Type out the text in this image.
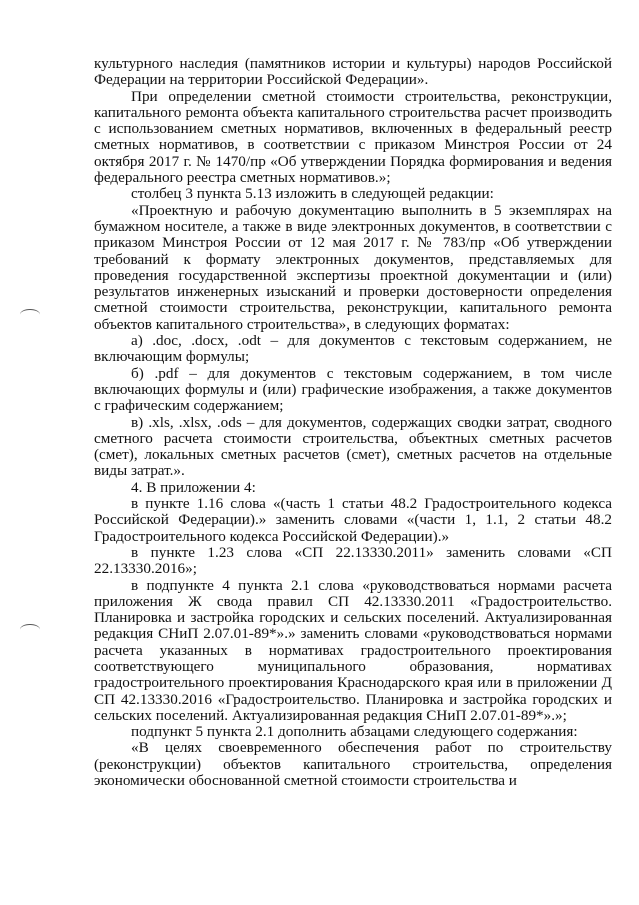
культурного наследия (памятников истории и культуры) народов Российской Федерации на территории Российской Федерации».

При определении сметной стоимости строительства, реконструкции, капитального ремонта объекта капитального строительства расчет производить с использованием сметных нормативов, включенных в федеральный реестр сметных нормативов, в соответствии с приказом Минстроя России от 24 октября 2017 г. № 1470/пр «Об утверждении Порядка формирования и ведения федерального реестра сметных нормативов.»;

столбец 3 пункта 5.13 изложить в следующей редакции:

«Проектную и рабочую документацию выполнить в 5 экземплярах на бумажном носителе, а также в виде электронных документов, в соответствии с приказом Минстроя России от 12 мая 2017 г. № 783/пр «Об утверждении требований к формату электронных документов, представляемых для проведения государственной экспертизы проектной документации и (или) результатов инженерных изысканий и проверки достоверности определения сметной стоимости строительства, реконструкции, капитального ремонта объектов капитального строительства», в следующих форматах:

а) .doc, .docx, .odt – для документов с текстовым содержанием, не включающим формулы;

б) .pdf – для документов с текстовым содержанием, в том числе включающих формулы и (или) графические изображения, а также документов с графическим содержанием;

в) .xls, .xlsx, .ods – для документов, содержащих сводки затрат, сводного сметного расчета стоимости строительства, объектных сметных расчетов (смет), локальных сметных расчетов (смет), сметных расчетов на отдельные виды затрат.».

4. В приложении 4:

в пункте 1.16 слова «(часть 1 статьи 48.2 Градостроительного кодекса Российской Федерации).» заменить словами «(части 1, 1.1, 2 статьи 48.2 Градостроительного кодекса Российской Федерации).»

в пункте 1.23 слова «СП 22.13330.2011» заменить словами «СП 22.13330.2016»;

в подпункте 4 пункта 2.1 слова «руководствоваться нормами расчета приложения Ж свода правил СП 42.13330.2011 «Градостроительство. Планировка и застройка городских и сельских поселений. Актуализированная редакция СНиП 2.07.01-89*».» заменить словами «руководствоваться нормами расчета указанных в нормативах градостроительного проектирования соответствующего муниципального образования, нормативах градостроительного проектирования Краснодарского края или в приложении Д СП 42.13330.2016 «Градостроительство. Планировка и застройка городских и сельских поселений. Актуализированная редакция СНиП 2.07.01-89*».»;

подпункт 5 пункта 2.1 дополнить абзацами следующего содержания:

«В целях своевременного обеспечения работ по строительству (реконструкции) объектов капитального строительства, определения экономически обоснованной сметной стоимости строительства и
